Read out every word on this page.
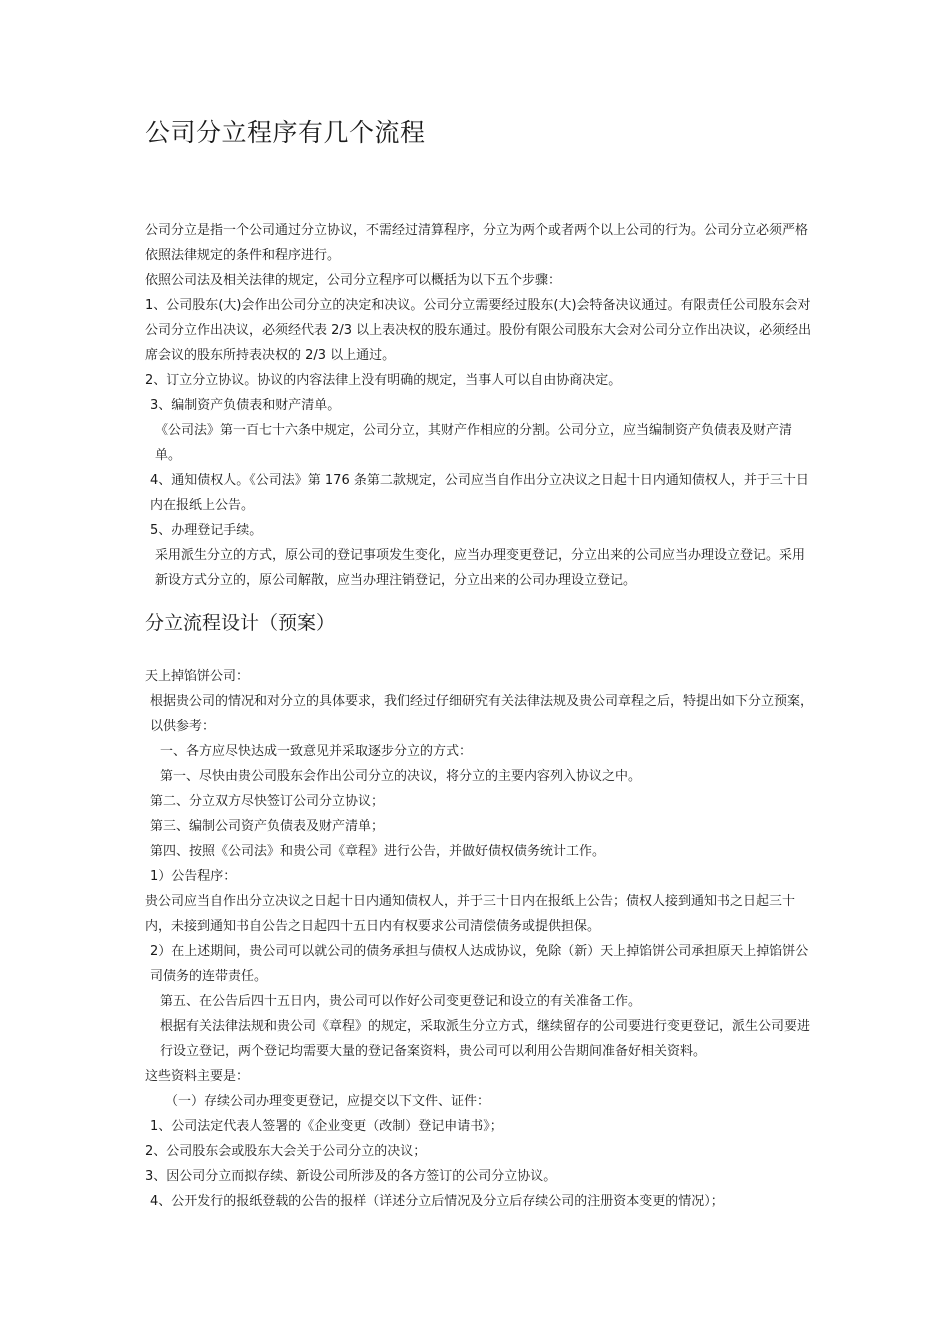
公司分立程序有几个流程

公司分立是指一个公司通过分立协议，不需经过清算程序，分立为两个或者两个以上公司的行为。公司分立必须严格依照法律规定的条件和程序进行。

依照公司法及相关法律的规定，公司分立程序可以概括为以下五个步骤：

1、公司股东(大)会作出公司分立的决定和决议。公司分立需要经过股东(大)会特备决议通过。有限责任公司股东会对公司分立作出决议，必须经代表 2/3 以上表决权的股东通过。股份有限公司股东大会对公司分立作出决议，必须经出席会议的股东所持表决权的 2/3 以上通过。

2、订立分立协议。协议的内容法律上没有明确的规定，当事人可以自由协商决定。

3、编制资产负债表和财产清单。

《公司法》第一百七十六条中规定，公司分立，其财产作相应的分割。公司分立，应当编制资产负债表及财产清单。

4、通知债权人。《公司法》第 176 条第二款规定，公司应当自作出分立决议之日起十日内通知债权人，并于三十日内在报纸上公告。

5、办理登记手续。

采用派生分立的方式，原公司的登记事项发生变化，应当办理变更登记，分立出来的公司应当办理设立登记。采用新设方式分立的，原公司解散，应当办理注销登记，分立出来的公司办理设立登记。

分立流程设计（预案）

天上掉馅饼公司：

根据贵公司的情况和对分立的具体要求，我们经过仔细研究有关法律法规及贵公司章程之后，特提出如下分立预案，以供参考：

一、各方应尽快达成一致意见并采取逐步分立的方式：

第一、尽快由贵公司股东会作出公司分立的决议，将分立的主要内容列入协议之中。

第二、分立双方尽快签订公司分立协议；

第三、编制公司资产负债表及财产清单；

第四、按照《公司法》和贵公司《章程》进行公告，并做好债权债务统计工作。

1）公告程序：

贵公司应当自作出分立决议之日起十日内通知债权人，并于三十日内在报纸上公告；债权人接到通知书之日起三十内，未接到通知书自公告之日起四十五日内有权要求公司清偿债务或提供担保。

2）在上述期间，贵公司可以就公司的债务承担与债权人达成协议，免除（新）天上掉馅饼公司承担原天上掉馅饼公司债务的连带责任。

第五、在公告后四十五日内，贵公司可以作好公司变更登记和设立的有关准备工作。

根据有关法律法规和贵公司《章程》的规定，采取派生分立方式，继续留存的公司要进行变更登记，派生公司要进行设立登记，两个登记均需要大量的登记备案资料，贵公司可以利用公告期间准备好相关资料。

这些资料主要是：

（一）存续公司办理变更登记，应提交以下文件、证件：

1、公司法定代表人签署的《企业变更（改制）登记申请书》；

2、公司股东会或股东大会关于公司分立的决议；

3、因公司分立而拟存续、新设公司所涉及的各方签订的公司分立协议。

4、公开发行的报纸登载的公告的报样（详述分立后情况及分立后存续公司的注册资本变更的情况）；
